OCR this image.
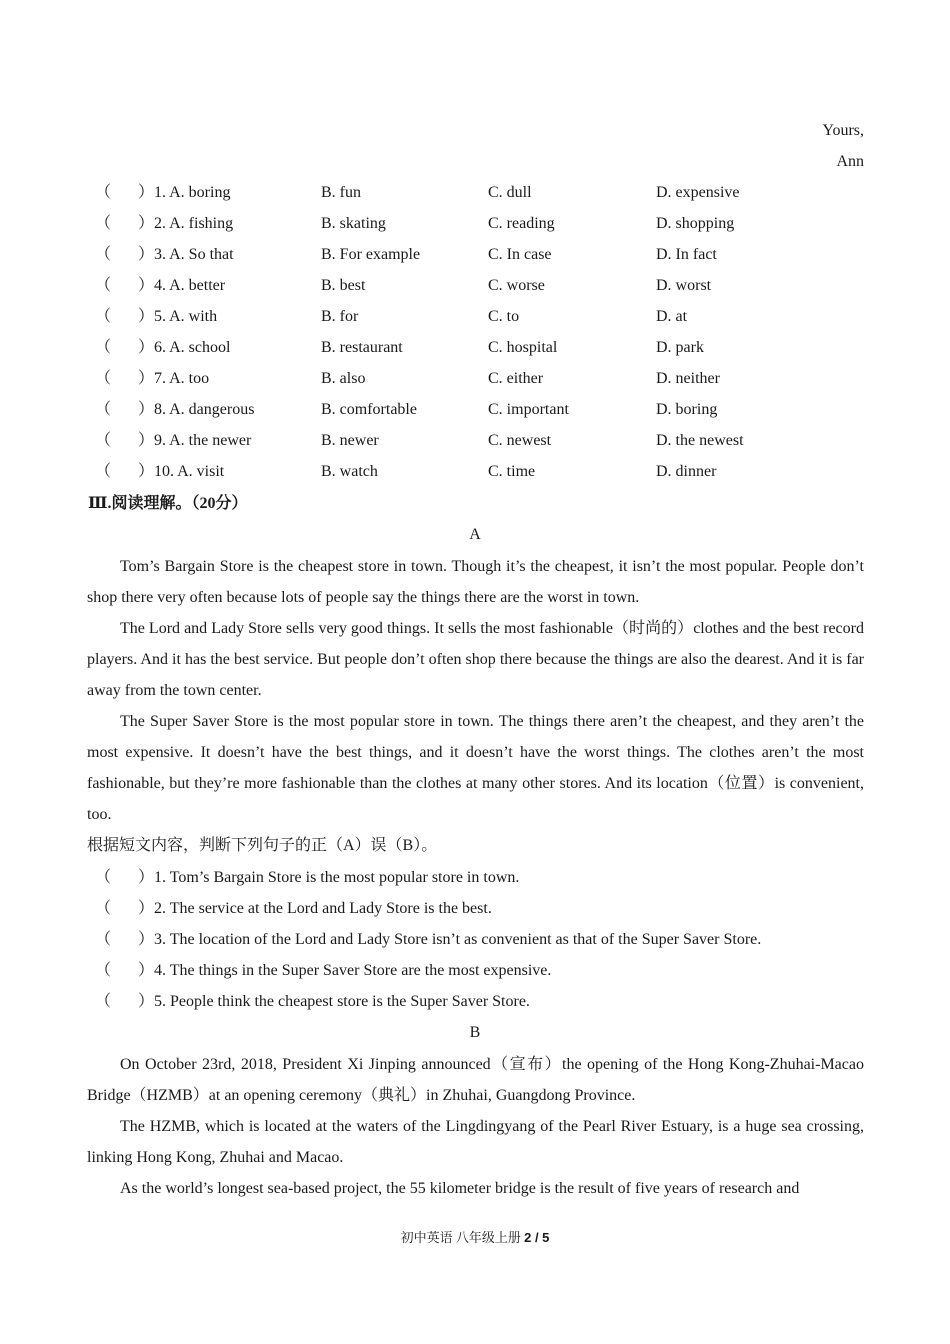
Yours,
Ann
（ ） 1. A. boring	B. fun	C. dull	D. expensive
（ ） 2. A. fishing	B. skating	C. reading	D. shopping
（ ） 3. A. So that	B. For example	C. In case	D. In fact
（ ） 4. A. better	B. best	C. worse	D. worst
（ ） 5. A. with	B. for	C. to	D. at
（ ） 6. A. school	B. restaurant	C. hospital	D. park
（ ） 7. A. too	B. also	C. either	D. neither
（ ） 8. A. dangerous	B. comfortable	C. important	D. boring
（ ） 9. A. the newer	B. newer	C. newest	D. the newest
（ ） 10. A. visit	B. watch	C. time	D. dinner
Ⅲ.阅读理解。（20分）
A

Tom’s Bargain Store is the cheapest store in town. Though it’s the cheapest, it isn’t the most popular. People don’t shop there very often because lots of people say the things there are the worst in town.

The Lord and Lady Store sells very good things. It sells the most fashionable（时尚的）clothes and the best record players. And it has the best service. But people don’t often shop there because the things are also the dearest. And it is far away from the town center.

The Super Saver Store is the most popular store in town. The things there aren’t the cheapest, and they aren’t the most expensive. It doesn’t have the best things, and it doesn’t have the worst things. The clothes aren’t the most fashionable, but they’re more fashionable than the clothes at many other stores. And its location（位置）is convenient, too.

根据短文内容，判断下列句子的正（A）误（B）。

（ ） 1. Tom’s Bargain Store is the most popular store in town.
（ ） 2. The service at the Lord and Lady Store is the best.
（ ） 3. The location of the Lord and Lady Store isn’t as convenient as that of the Super Saver Store.
（ ） 4. The things in the Super Saver Store are the most expensive.
（ ） 5. People think the cheapest store is the Super Saver Store.
B

On October 23rd, 2018, President Xi Jinping announced（宣布）the opening of the Hong Kong-Zhuhai-Macao Bridge（HZMB）at an opening ceremony（典礼）in Zhuhai, Guangdong Province.

The HZMB, which is located at the waters of the Lingdingyang of the Pearl River Estuary, is a huge sea crossing, linking Hong Kong, Zhuhai and Macao.

As the world’s longest sea-based project, the 55 kilometer bridge is the result of five years of research and

初中英语 八年级上册 2 / 5
